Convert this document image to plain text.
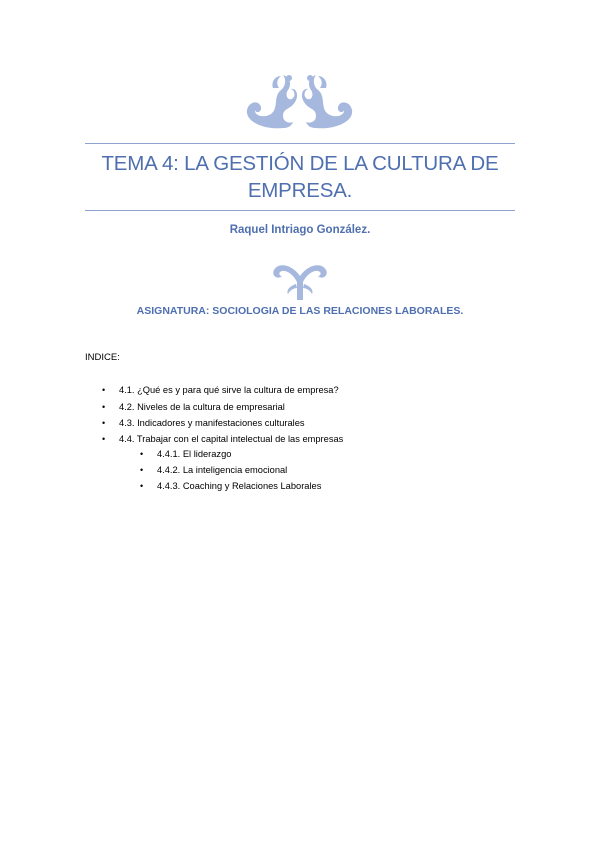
TEMA 4: LA GESTIÓN DE LA CULTURA DE EMPRESA.
Raquel Intriago González.
ASIGNATURA: SOCIOLOGIA DE LAS RELACIONES LABORALES.
INDICE:
• 4.1. ¿Qué es y para qué sirve la cultura de empresa?
• 4.2. Niveles de la cultura de empresarial
• 4.3. Indicadores y manifestaciones culturales
• 4.4. Trabajar con el capital intelectual de las empresas
• 4.4.1. El liderazgo
• 4.4.2. La inteligencia emocional
• 4.4.3. Coaching y Relaciones Laborales
